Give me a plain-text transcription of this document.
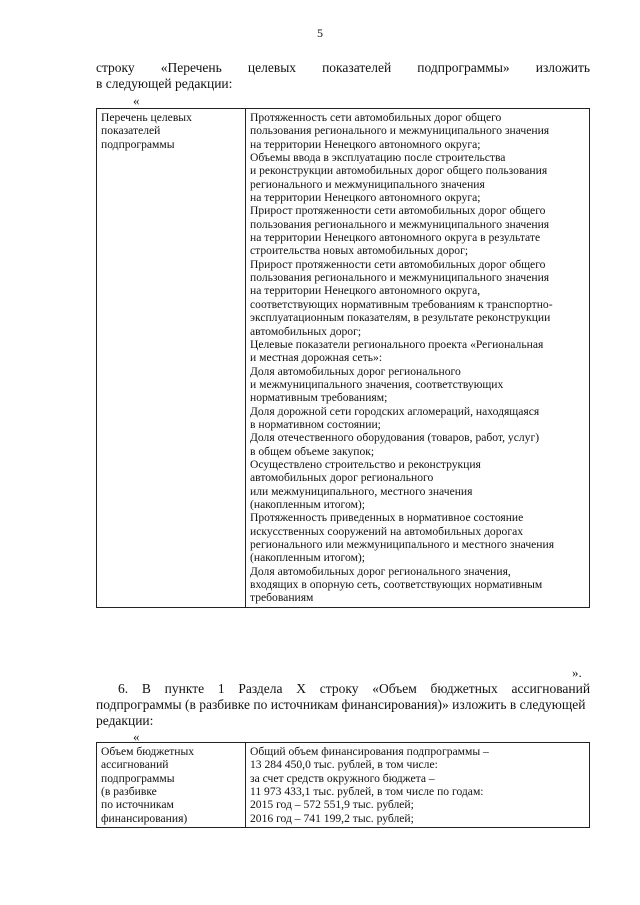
5
строку «Перечень целевых показателей подпрограммы» изложить
в следующей редакции:
«
Перечень целевых
показателей
подпрограммы

Протяженность сети автомобильных дорог общего
пользования регионального и межмуниципального значения
на территории Ненецкого автономного округа;
Объемы ввода в эксплуатацию после строительства
и реконструкции автомобильных дорог общего пользования
регионального и межмуниципального значения
на территории Ненецкого автономного округа;
Прирост протяженности сети автомобильных дорог общего
пользования регионального и межмуниципального значения
на территории Ненецкого автономного округа в результате
строительства новых автомобильных дорог;
Прирост протяженности сети автомобильных дорог общего
пользования регионального и межмуниципального значения
на территории Ненецкого автономного округа,
соответствующих нормативным требованиям к транспортно-
эксплуатационным показателям, в результате реконструкции
автомобильных дорог;
Целевые показатели регионального проекта «Региональная
и местная дорожная сеть»:
Доля автомобильных дорог регионального
и межмуниципального значения, соответствующих
нормативным требованиям;
Доля дорожной сети городских агломераций, находящаяся
в нормативном состоянии;
Доля отечественного оборудования (товаров, работ, услуг)
в общем объеме закупок;
Осуществлено строительство и реконструкция
автомобильных дорог регионального
или межмуниципального, местного значения
(накопленным итогом);
Протяженность приведенных в нормативное состояние
искусственных сооружений на автомобильных дорогах
регионального или межмуниципального и местного значения
(накопленным итогом);
Доля автомобильных дорог регионального значения,
входящих в опорную сеть, соответствующих нормативным
требованиям
».
6. В пункте 1 Раздела X строку «Объем бюджетных ассигнований
подпрограммы (в разбивке по источникам финансирования)» изложить в следующей
редакции:
«
Объем бюджетных
ассигнований
подпрограммы
(в разбивке
по источникам
финансирования)

Общий объем финансирования подпрограммы –
13 284 450,0 тыс. рублей, в том числе:
за счет средств окружного бюджета –
11 973 433,1 тыс. рублей, в том числе по годам:
2015 год – 572 551,9 тыс. рублей;
2016 год – 741 199,2 тыс. рублей;
